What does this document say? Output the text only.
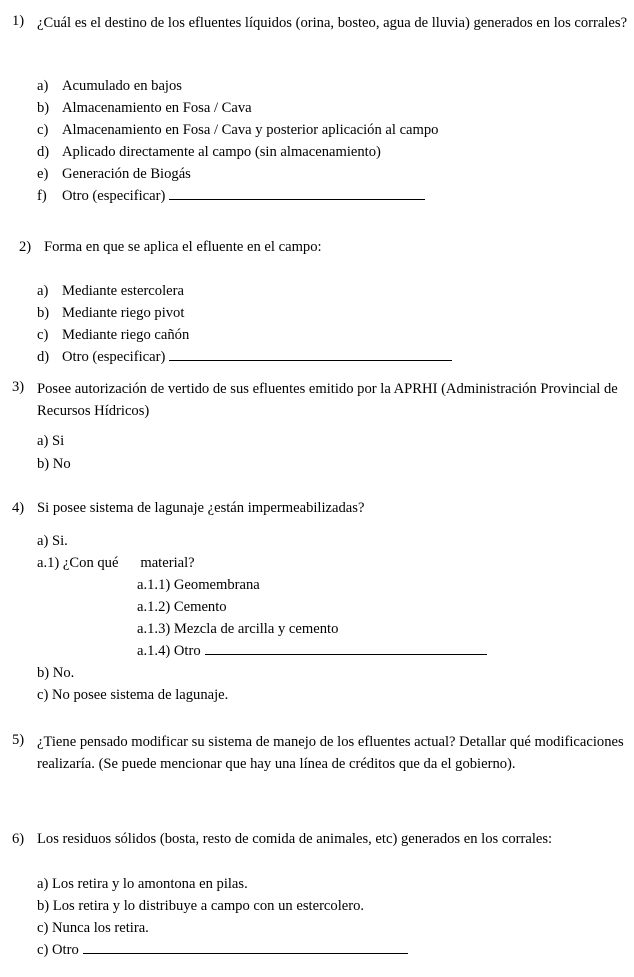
1) ¿Cuál es el destino de los efluentes líquidos (orina, bosteo, agua de lluvia) generados en los corrales?
a) Acumulado en bajos
b) Almacenamiento en Fosa / Cava
c) Almacenamiento en Fosa / Cava y posterior aplicación al campo
d) Aplicado directamente al campo (sin almacenamiento)
e) Generación de Biogás
f) Otro (especificar)
2) Forma en que se aplica el efluente en el campo:
a) Mediante estercolera
b) Mediante riego pivot
c) Mediante riego cañón
d) Otro (especificar)
3) Posee autorización de vertido de sus efluentes emitido por la APRHI (Administración Provincial de Recursos Hídricos)
a) Si
b) No
4) Si posee sistema de lagunaje ¿están impermeabilizadas?
a) Si.
a.1) ¿Con qué      material?
a.1.1) Geomembrana
a.1.2) Cemento
a.1.3) Mezcla de arcilla y cemento
a.1.4) Otro
b) No.
c) No posee sistema de lagunaje.
5) ¿Tiene pensado modificar su sistema de manejo de los efluentes actual? Detallar qué modificaciones realizaría. (Se puede mencionar que hay una línea de créditos que da el gobierno).
6) Los residuos sólidos (bosta, resto de comida de animales, etc) generados en los corrales:
a) Los retira y lo amontona en pilas.
b) Los retira y lo distribuye a campo con un estercolero.
c) Nunca los retira.
c) Otro
